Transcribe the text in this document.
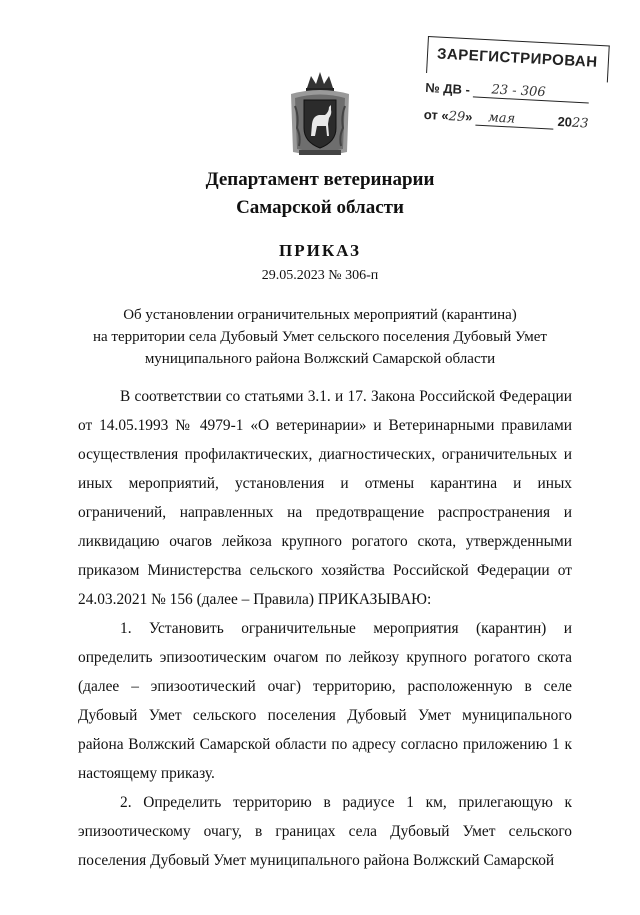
ЗАРЕГИСТРИРОВАН
№ ДВ - 23 - 306
от «29» мая	2023
Департамент ветеринарии
Самарской области
ПРИКАЗ
29.05.2023 № 306-п
Об установлении ограничительных мероприятий (карантина)
на территории села Дубовый Умет сельского поселения Дубовый Умет
муниципального района Волжский Самарской области

В соответствии со статьями 3.1. и 17. Закона Российской Федерации от 14.05.1993 № 4979-1 «О ветеринарии» и Ветеринарными правилами осуществления профилактических, диагностических, ограничительных и иных мероприятий, установления и отмены карантина и иных ограничений, направленных на предотвращение распространения и ликвидацию очагов лейкоза крупного рогатого скота, утвержденными приказом Министерства сельского хозяйства Российской Федерации от 24.03.2021 № 156 (далее – Правила) ПРИКАЗЫВАЮ:

1. Установить ограничительные мероприятия (карантин) и определить эпизоотическим очагом по лейкозу крупного рогатого скота (далее – эпизоотический очаг) территорию, расположенную в селе Дубовый Умет сельского поселения Дубовый Умет муниципального района Волжский Самарской области по адресу согласно приложению 1 к настоящему приказу.

2. Определить территорию в радиусе 1 км, прилегающую к эпизоотическому очагу, в границах села Дубовый Умет сельского поселения Дубовый Умет муниципального района Волжский Самарской
